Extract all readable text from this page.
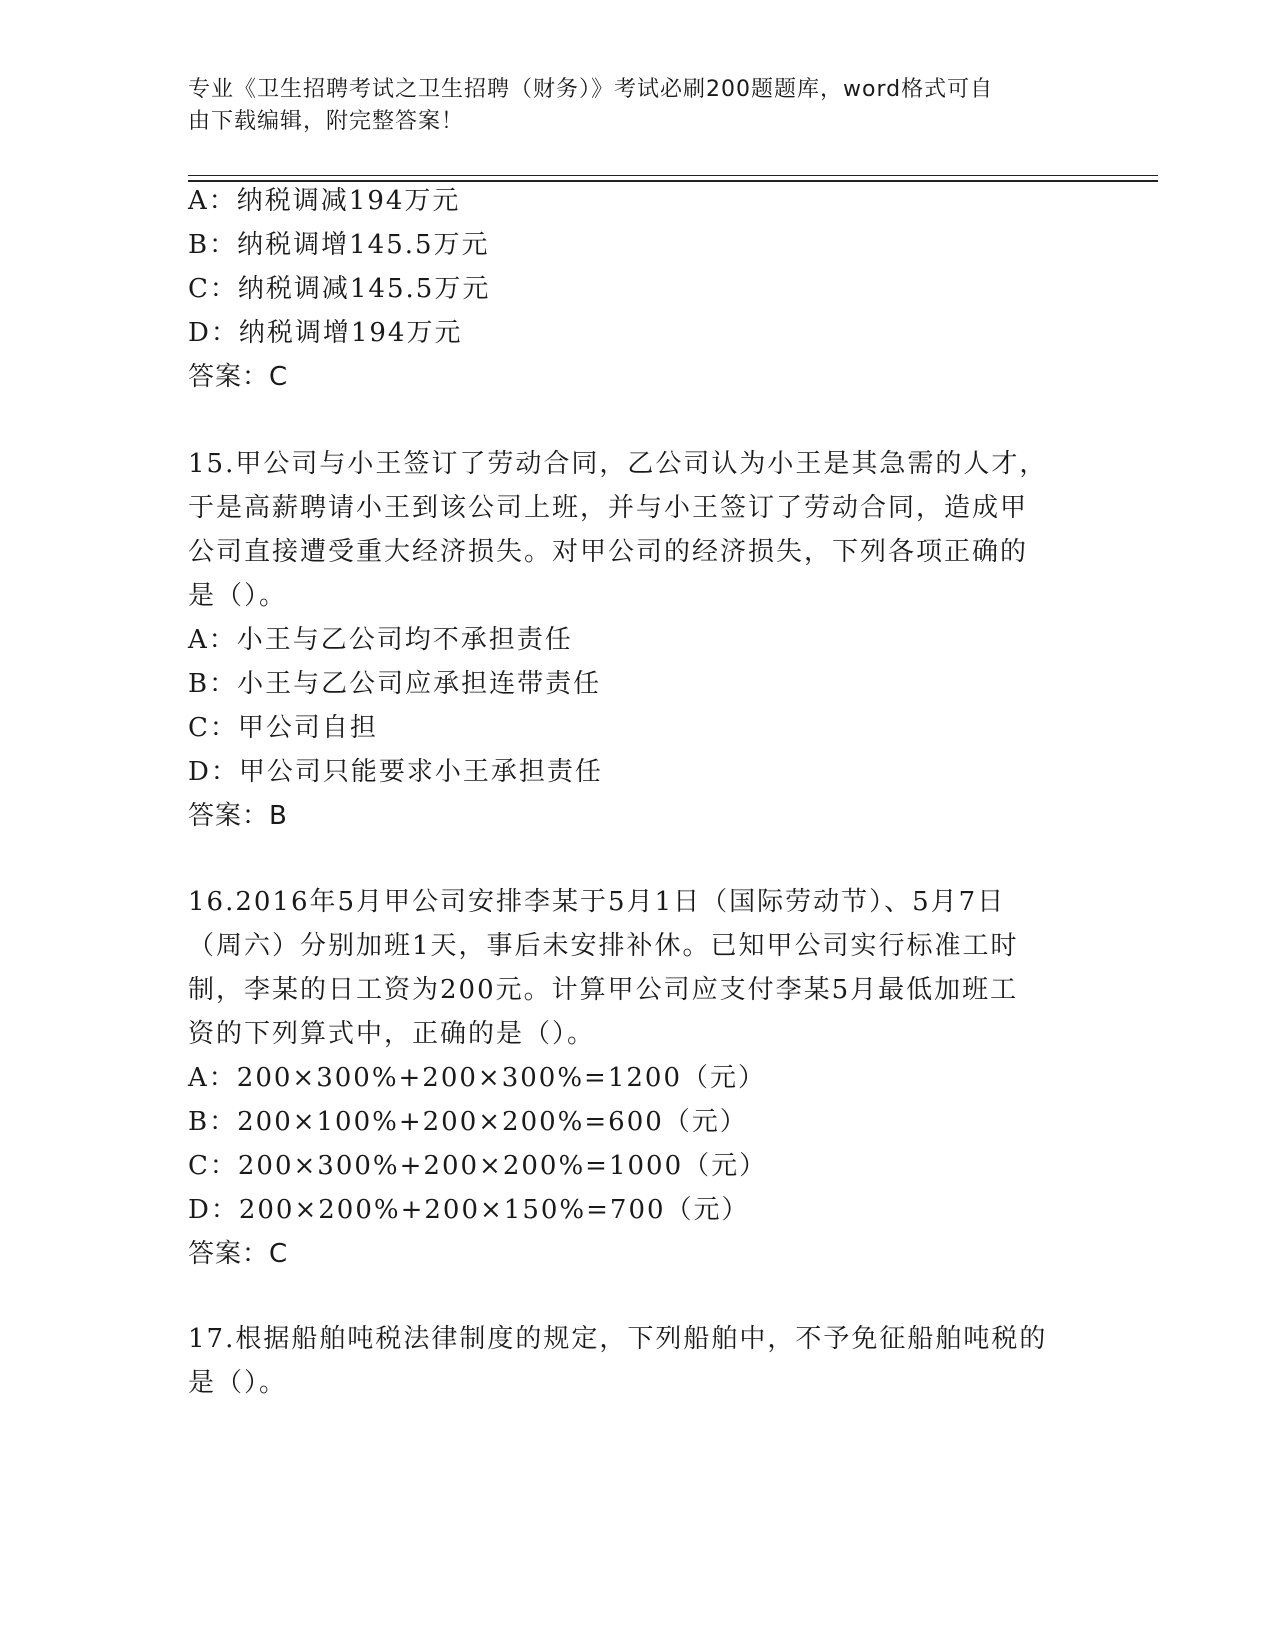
专业《卫生招聘考试之卫生招聘（财务）》考试必刷200题题库，word格式可自
由下载编辑，附完整答案！
A：纳税调减194万元
B：纳税调增145.5万元
C：纳税调减145.5万元
D：纳税调增194万元
答案：C
15.甲公司与小王签订了劳动合同，乙公司认为小王是其急需的人才，
于是高薪聘请小王到该公司上班，并与小王签订了劳动合同，造成甲
公司直接遭受重大经济损失。对甲公司的经济损失，下列各项正确的
是（）。
A：小王与乙公司均不承担责任
B：小王与乙公司应承担连带责任
C：甲公司自担
D：甲公司只能要求小王承担责任
答案：B
16.2016年5月甲公司安排李某于5月1日（国际劳动节）、5月7日
（周六）分别加班1天，事后未安排补休。已知甲公司实行标准工时
制，李某的日工资为200元。计算甲公司应支付李某5月最低加班工
资的下列算式中，正确的是（）。
A：200×300%+200×300%=1200（元）
B：200×100%+200×200%=600（元）
C：200×300%+200×200%=1000（元）
D：200×200%+200×150%=700（元）
答案：C
17.根据船舶吨税法律制度的规定，下列船舶中，不予免征船舶吨税的
是（）。
